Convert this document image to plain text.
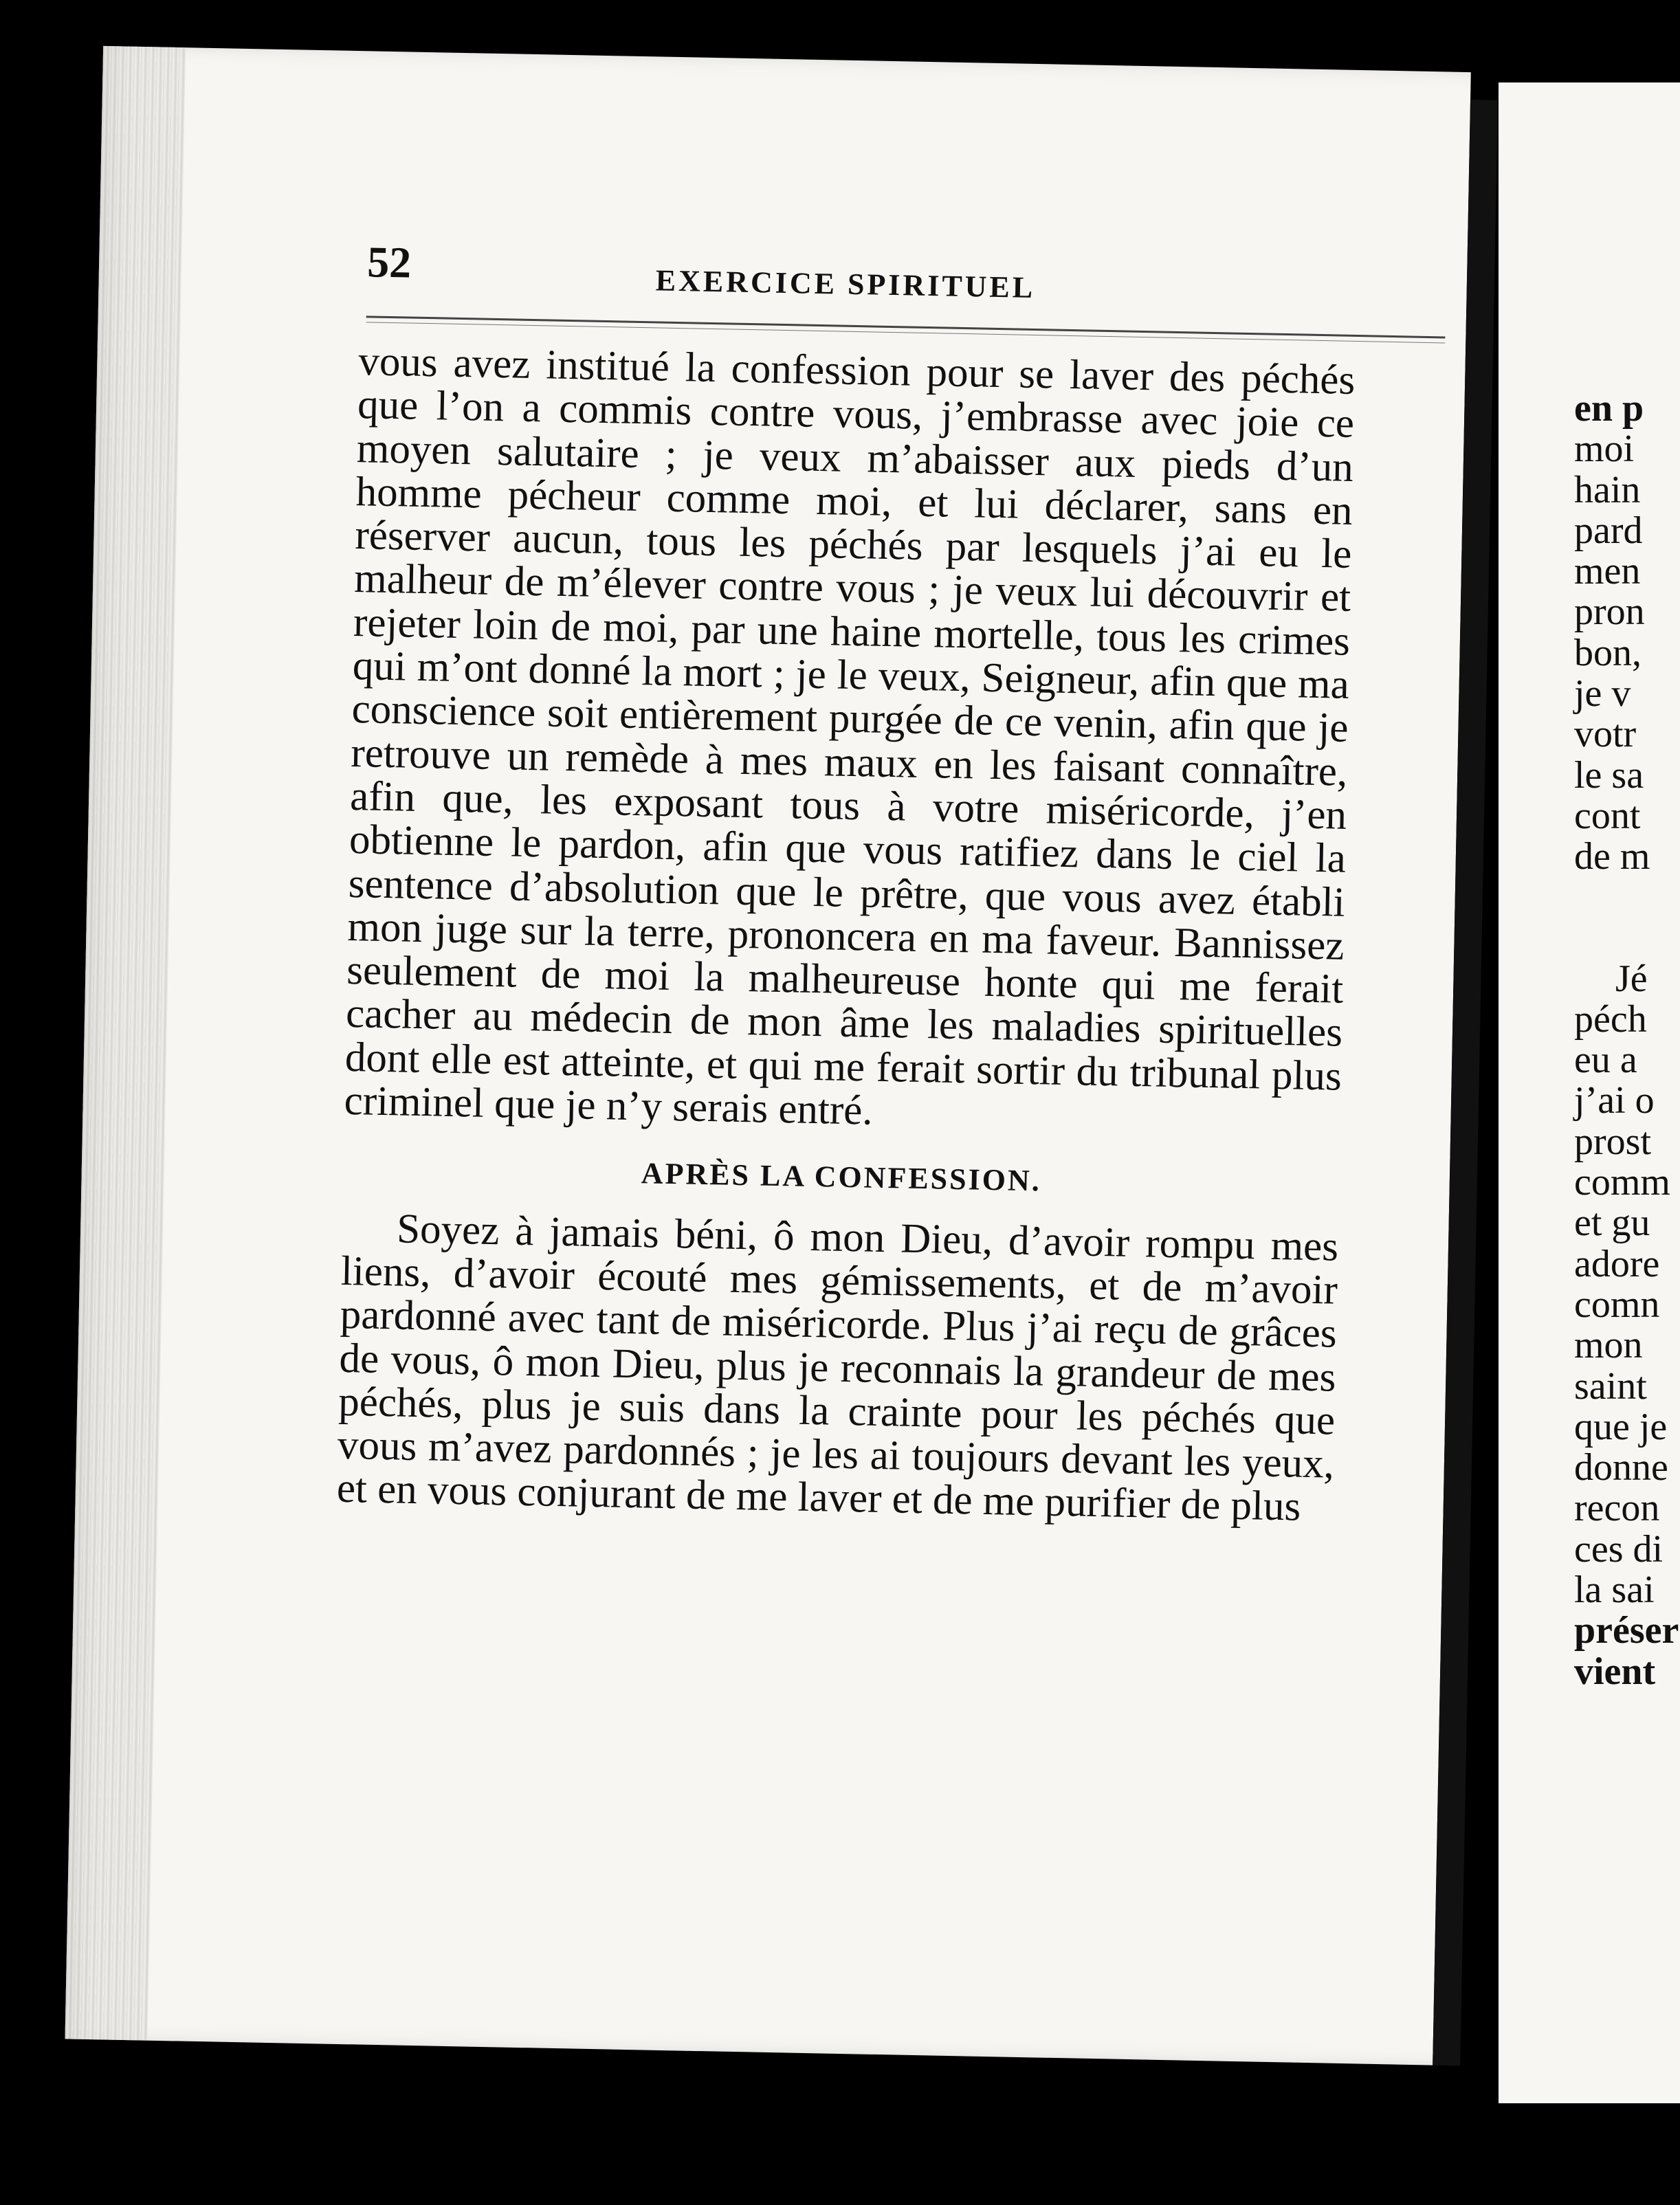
52	EXERCICE SPIRITUEL

vous avez institué la confession pour se laver des péchés que l’on a commis contre vous, j’embrasse avec joie ce moyen salutaire ; je veux m’abaisser aux pieds d’un homme pécheur comme moi, et lui déclarer, sans en réserver aucun, tous les péchés par lesquels j’ai eu le malheur de m’élever contre vous ; je veux lui découvrir et rejeter loin de moi, par une haine mortelle, tous les crimes qui m’ont donné la mort ; je le veux, Seigneur, afin que ma conscience soit entièrement purgée de ce venin, afin que je retrouve un remède à mes maux en les faisant connaître, afin que, les exposant tous à votre miséricorde, j’en obtienne le pardon, afin que vous ratifiez dans le ciel la sentence d’absolution que le prêtre, que vous avez établi mon juge sur la terre, prononcera en ma faveur. Bannissez seulement de moi la malheureuse honte qui me ferait cacher au médecin de mon âme les maladies spirituelles dont elle est atteinte, et qui me ferait sortir du tribunal plus criminel que je n’y serais entré.

APRÈS LA CONFESSION.

Soyez à jamais béni, ô mon Dieu, d’avoir rompu mes liens, d’avoir écouté mes gémissements, et de m’avoir pardonné avec tant de miséricorde. Plus j’ai reçu de grâces de vous, ô mon Dieu, plus je reconnais la grandeur de mes péchés, plus je suis dans la crainte pour les péchés que vous m’avez pardonnés ; je les ai toujours devant les yeux, et en vous conjurant de me laver et de me purifier de plus

en p
moi
hain
pard
men
pron
bon,
je v
votr
le sa
cont
de m
Jé
péch
eu a
j’ai o
prost
comm
et gu
adore
comn
mon
saint
que je
donne
recon
ces di
la sai
préser
vient
